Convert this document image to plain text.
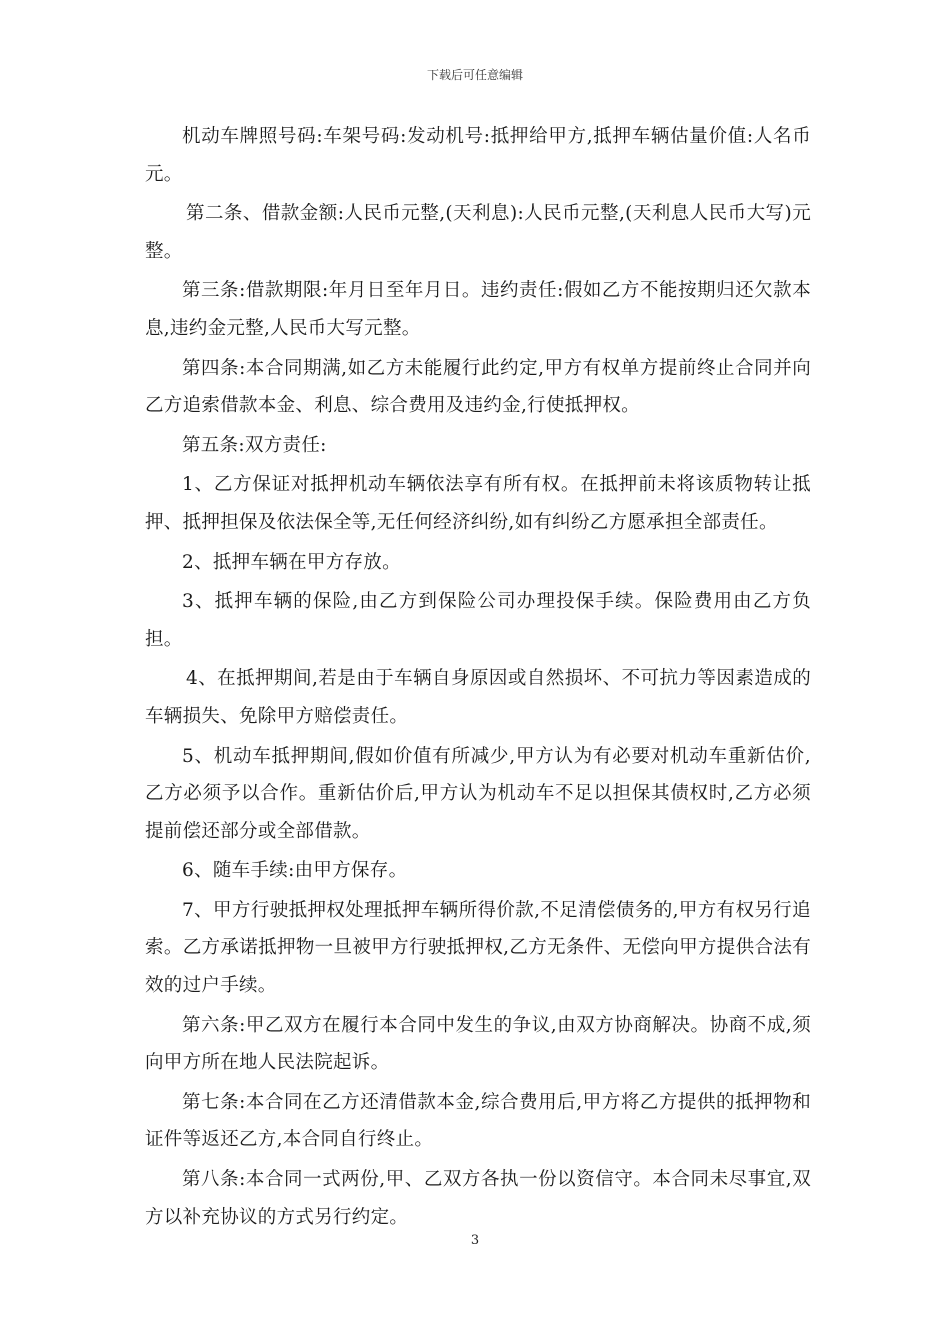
下载后可任意编辑

机动车牌照号码:车架号码:发动机号:抵押给甲方,抵押车辆估量价值:人名币元。

第二条、借款金额:人民币元整,(天利息):人民币元整,(天利息人民币大写)元整。

第三条:借款期限:年月日至年月日。违约责任:假如乙方不能按期归还欠款本息,违约金元整,人民币大写元整。

第四条:本合同期满,如乙方未能履行此约定,甲方有权单方提前终止合同并向乙方追索借款本金、利息、综合费用及违约金,行使抵押权。

第五条:双方责任:

1、乙方保证对抵押机动车辆依法享有所有权。在抵押前未将该质物转让抵押、抵押担保及依法保全等,无任何经济纠纷,如有纠纷乙方愿承担全部责任。

2、抵押车辆在甲方存放。

3、抵押车辆的保险,由乙方到保险公司办理投保手续。保险费用由乙方负担。

4、在抵押期间,若是由于车辆自身原因或自然损坏、不可抗力等因素造成的车辆损失、免除甲方赔偿责任。

5、机动车抵押期间,假如价值有所减少,甲方认为有必要对机动车重新估价,乙方必须予以合作。重新估价后,甲方认为机动车不足以担保其债权时,乙方必须提前偿还部分或全部借款。

6、随车手续:由甲方保存。

7、甲方行驶抵押权处理抵押车辆所得价款,不足清偿债务的,甲方有权另行追索。乙方承诺抵押物一旦被甲方行驶抵押权,乙方无条件、无偿向甲方提供合法有效的过户手续。

第六条:甲乙双方在履行本合同中发生的争议,由双方协商解决。协商不成,须向甲方所在地人民法院起诉。

第七条:本合同在乙方还清借款本金,综合费用后,甲方将乙方提供的抵押物和证件等返还乙方,本合同自行终止。

第八条:本合同一式两份,甲、乙双方各执一份以资信守。本合同未尽事宜,双方以补充协议的方式另行约定。

3
